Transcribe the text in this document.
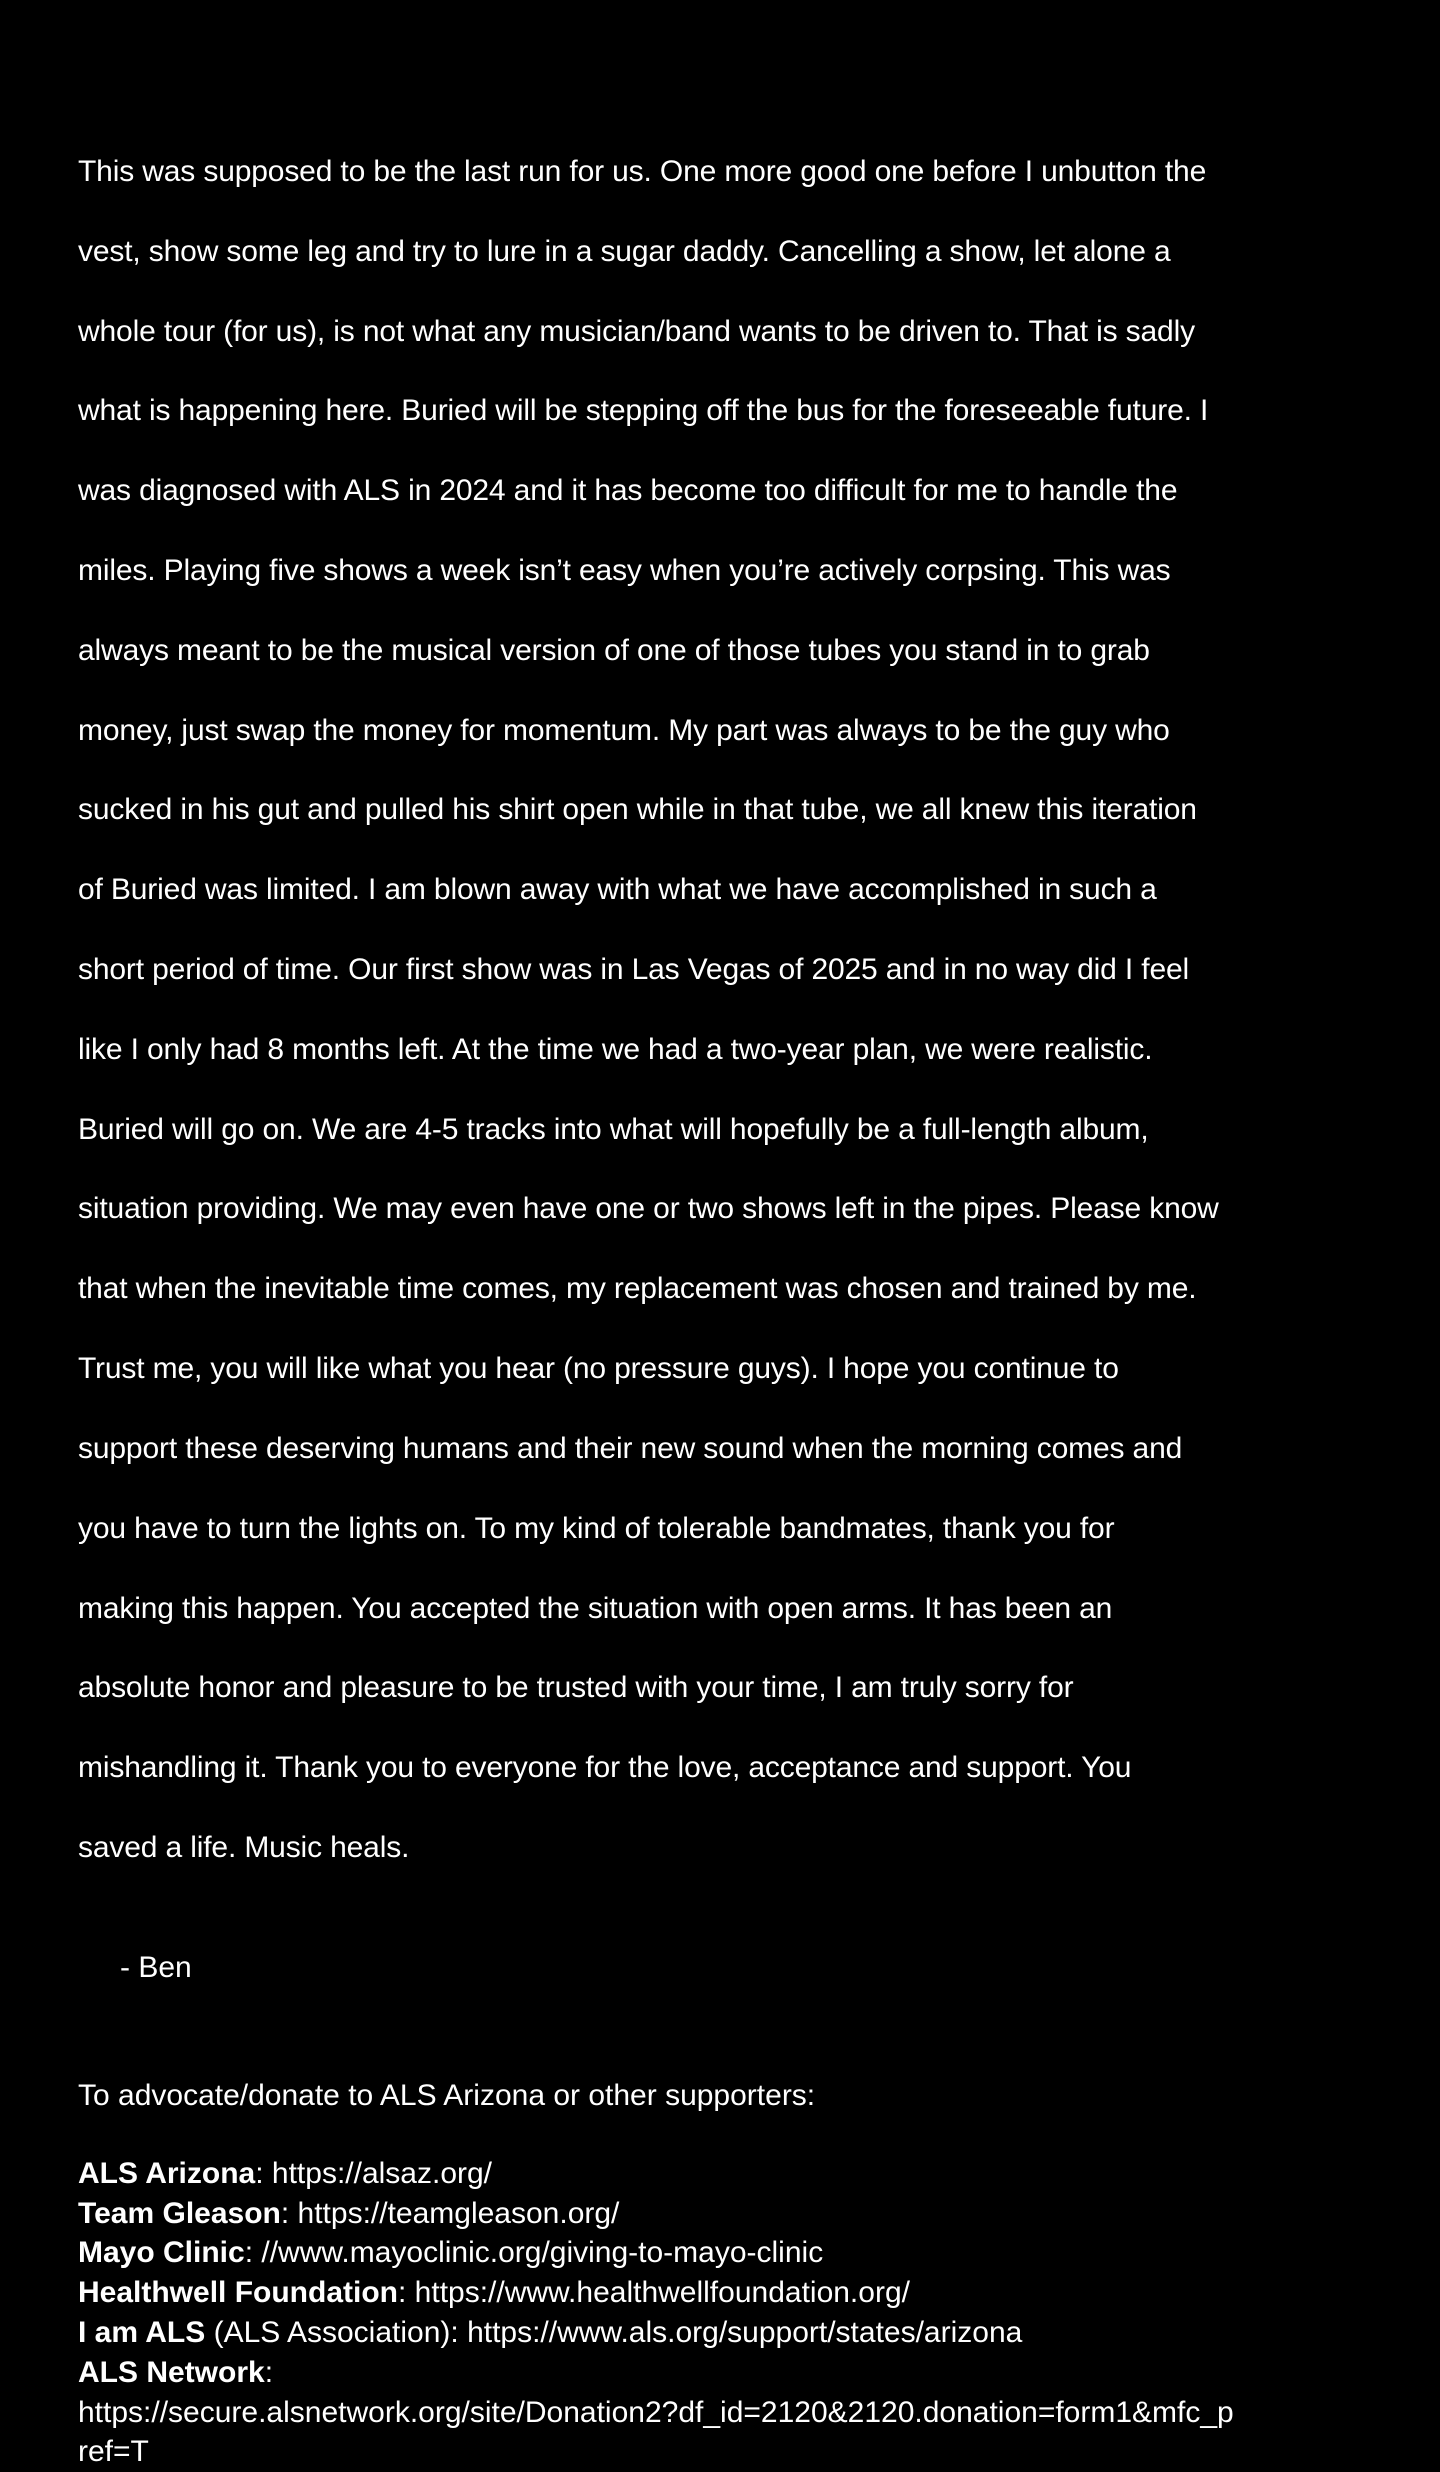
This was supposed to be the last run for us. One more good one before I unbutton the

vest, show some leg and try to lure in a sugar daddy. Cancelling a show, let alone a

whole tour (for us), is not what any musician/band wants to be driven to. That is sadly

what is happening here. Buried will be stepping off the bus for the foreseeable future. I

was diagnosed with ALS in 2024 and it has become too difficult for me to handle the

miles. Playing five shows a week isn’t easy when you’re actively corpsing. This was

always meant to be the musical version of one of those tubes you stand in to grab

money, just swap the money for momentum. My part was always to be the guy who

sucked in his gut and pulled his shirt open while in that tube, we all knew this iteration

of Buried was limited. I am blown away with what we have accomplished in such a

short period of time. Our first show was in Las Vegas of 2025 and in no way did I feel

like I only had 8 months left. At the time we had a two-year plan, we were realistic.

Buried will go on. We are 4-5 tracks into what will hopefully be a full-length album,

situation providing. We may even have one or two shows left in the pipes. Please know

that when the inevitable time comes, my replacement was chosen and trained by me.

Trust me, you will like what you hear (no pressure guys). I hope you continue to

support these deserving humans and their new sound when the morning comes and

you have to turn the lights on. To my kind of tolerable bandmates, thank you for

making this happen. You accepted the situation with open arms. It has been an

absolute honor and pleasure to be trusted with your time, I am truly sorry for

mishandling it. Thank you to everyone for the love, acceptance and support. You

saved a life. Music heals.

- Ben
To advocate/donate to ALS Arizona or other supporters:
ALS Arizona: https://alsaz.org/
Team Gleason: https://teamgleason.org/
Mayo Clinic: //www.mayoclinic.org/giving-to-mayo-clinic
Healthwell Foundation: https://www.healthwellfoundation.org/
I am ALS (ALS Association): https://www.als.org/support/states/arizona
ALS Network:
https://secure.alsnetwork.org/site/Donation2?df_id=2120&2120.donation=form1&mfc_p
ref=T
